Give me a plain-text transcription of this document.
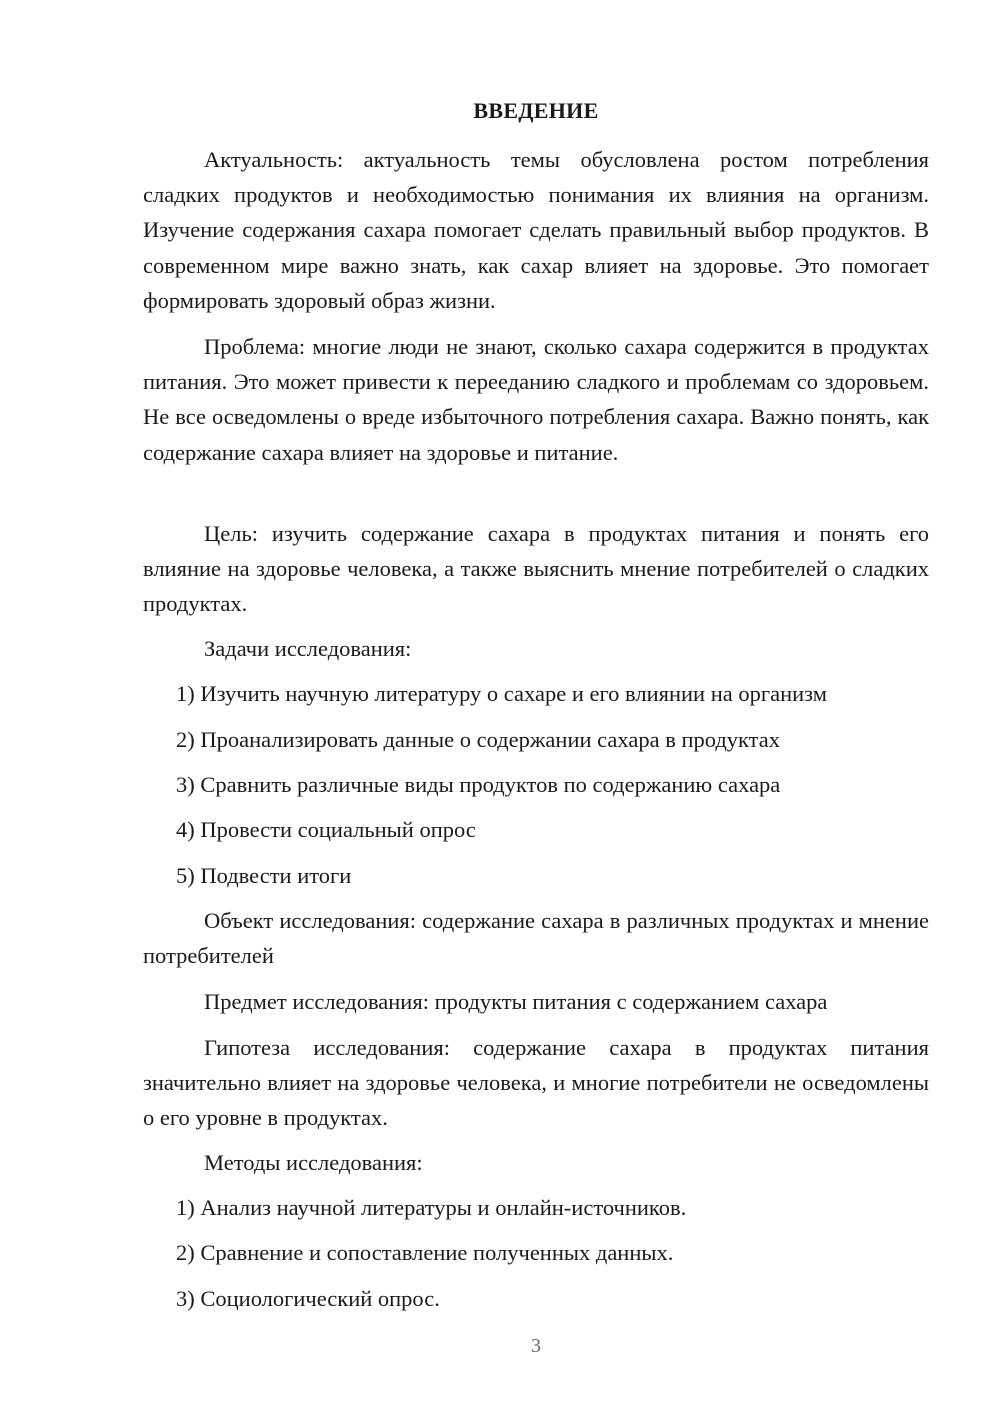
ВВЕДЕНИЕ

Актуальность: актуальность темы обусловлена ростом потребления сладких продуктов и необходимостью понимания их влияния на организм. Изучение содержания сахара помогает сделать правильный выбор продуктов. В современном мире важно знать, как сахар влияет на здоровье. Это помогает формировать здоровый образ жизни.

Проблема: многие люди не знают, сколько сахара содержится в продуктах питания. Это может привести к перееданию сладкого и проблемам со здоровьем. Не все осведомлены о вреде избыточного потребления сахара. Важно понять, как содержание сахара влияет на здоровье и питание.

Цель: изучить содержание сахара в продуктах питания и понять его влияние на здоровье человека, а также выяснить мнение потребителей о сладких продуктах.

Задачи исследования:
1) Изучить научную литературу о сахаре и его влиянии на организм
2) Проанализировать данные о содержании сахара в продуктах
3) Сравнить различные виды продуктов по содержанию сахара
4) Провести социальный опрос
5) Подвести итоги

Объект исследования: содержание сахара в различных продуктах и мнение потребителей

Предмет исследования: продукты питания с содержанием сахара

Гипотеза исследования: содержание сахара в продуктах питания значительно влияет на здоровье человека, и многие потребители не осведомлены о его уровне в продуктах.

Методы исследования:
1) Анализ научной литературы и онлайн-источников.
2) Сравнение и сопоставление полученных данных.
3) Социологический опрос.
3
